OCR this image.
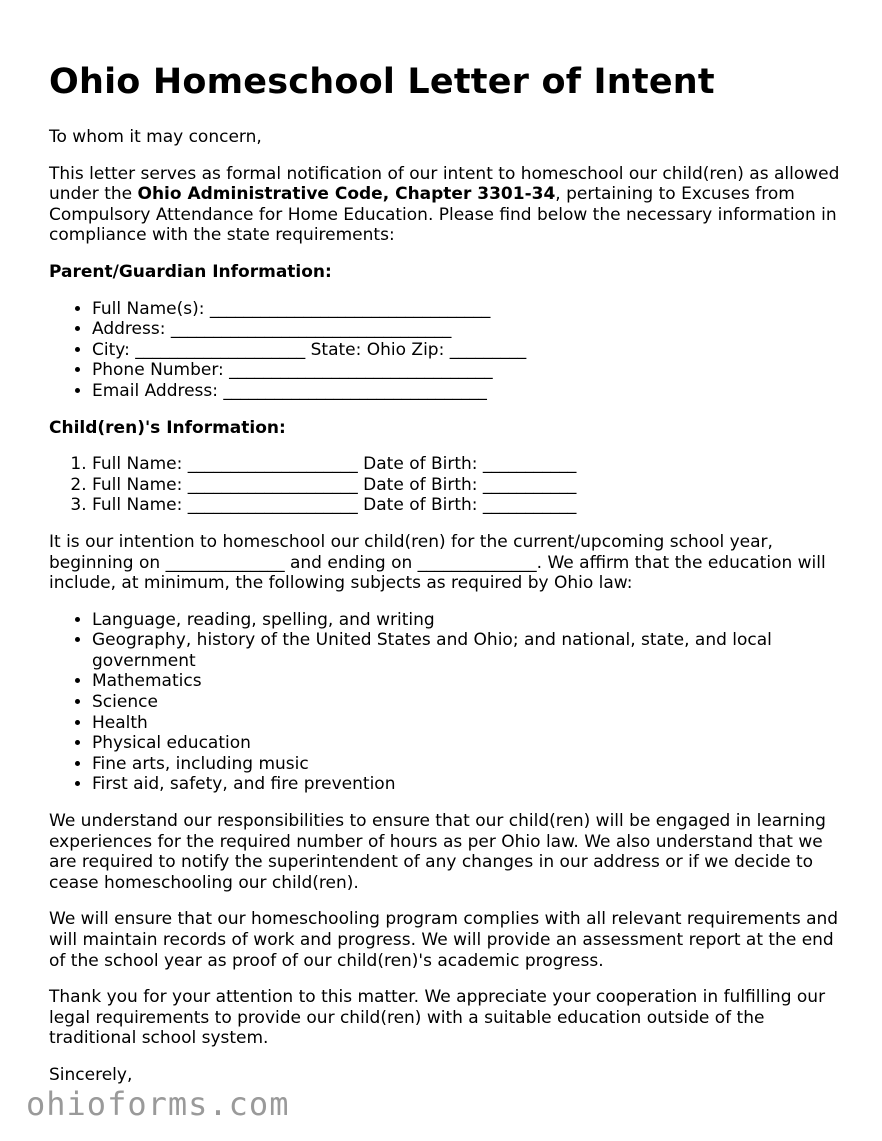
Ohio Homeschool Letter of Intent

To whom it may concern,

This letter serves as formal notification of our intent to homeschool our child(ren) as allowed under the Ohio Administrative Code, Chapter 3301-34, pertaining to Excuses from Compulsory Attendance for Home Education. Please find below the necessary information in compliance with the state requirements:

Parent/Guardian Information:

• Full Name(s): _________________________________
• Address: _________________________________
• City: ____________________ State: Ohio Zip: _________
• Phone Number: _______________________________
• Email Address: _______________________________

Child(ren)'s Information:

1. Full Name: ____________________ Date of Birth: ___________
2. Full Name: ____________________ Date of Birth: ___________
3. Full Name: ____________________ Date of Birth: ___________

It is our intention to homeschool our child(ren) for the current/upcoming school year, beginning on ______________ and ending on ______________. We affirm that the education will include, at minimum, the following subjects as required by Ohio law:

• Language, reading, spelling, and writing
• Geography, history of the United States and Ohio; and national, state, and local government
• Mathematics
• Science
• Health
• Physical education
• Fine arts, including music
• First aid, safety, and fire prevention

We understand our responsibilities to ensure that our child(ren) will be engaged in learning experiences for the required number of hours as per Ohio law. We also understand that we are required to notify the superintendent of any changes in our address or if we decide to cease homeschooling our child(ren).

We will ensure that our homeschooling program complies with all relevant requirements and will maintain records of work and progress. We will provide an assessment report at the end of the school year as proof of our child(ren)'s academic progress.

Thank you for your attention to this matter. We appreciate your cooperation in fulfilling our legal requirements to provide our child(ren) with a suitable education outside of the traditional school system.

Sincerely,

ohioforms.com
